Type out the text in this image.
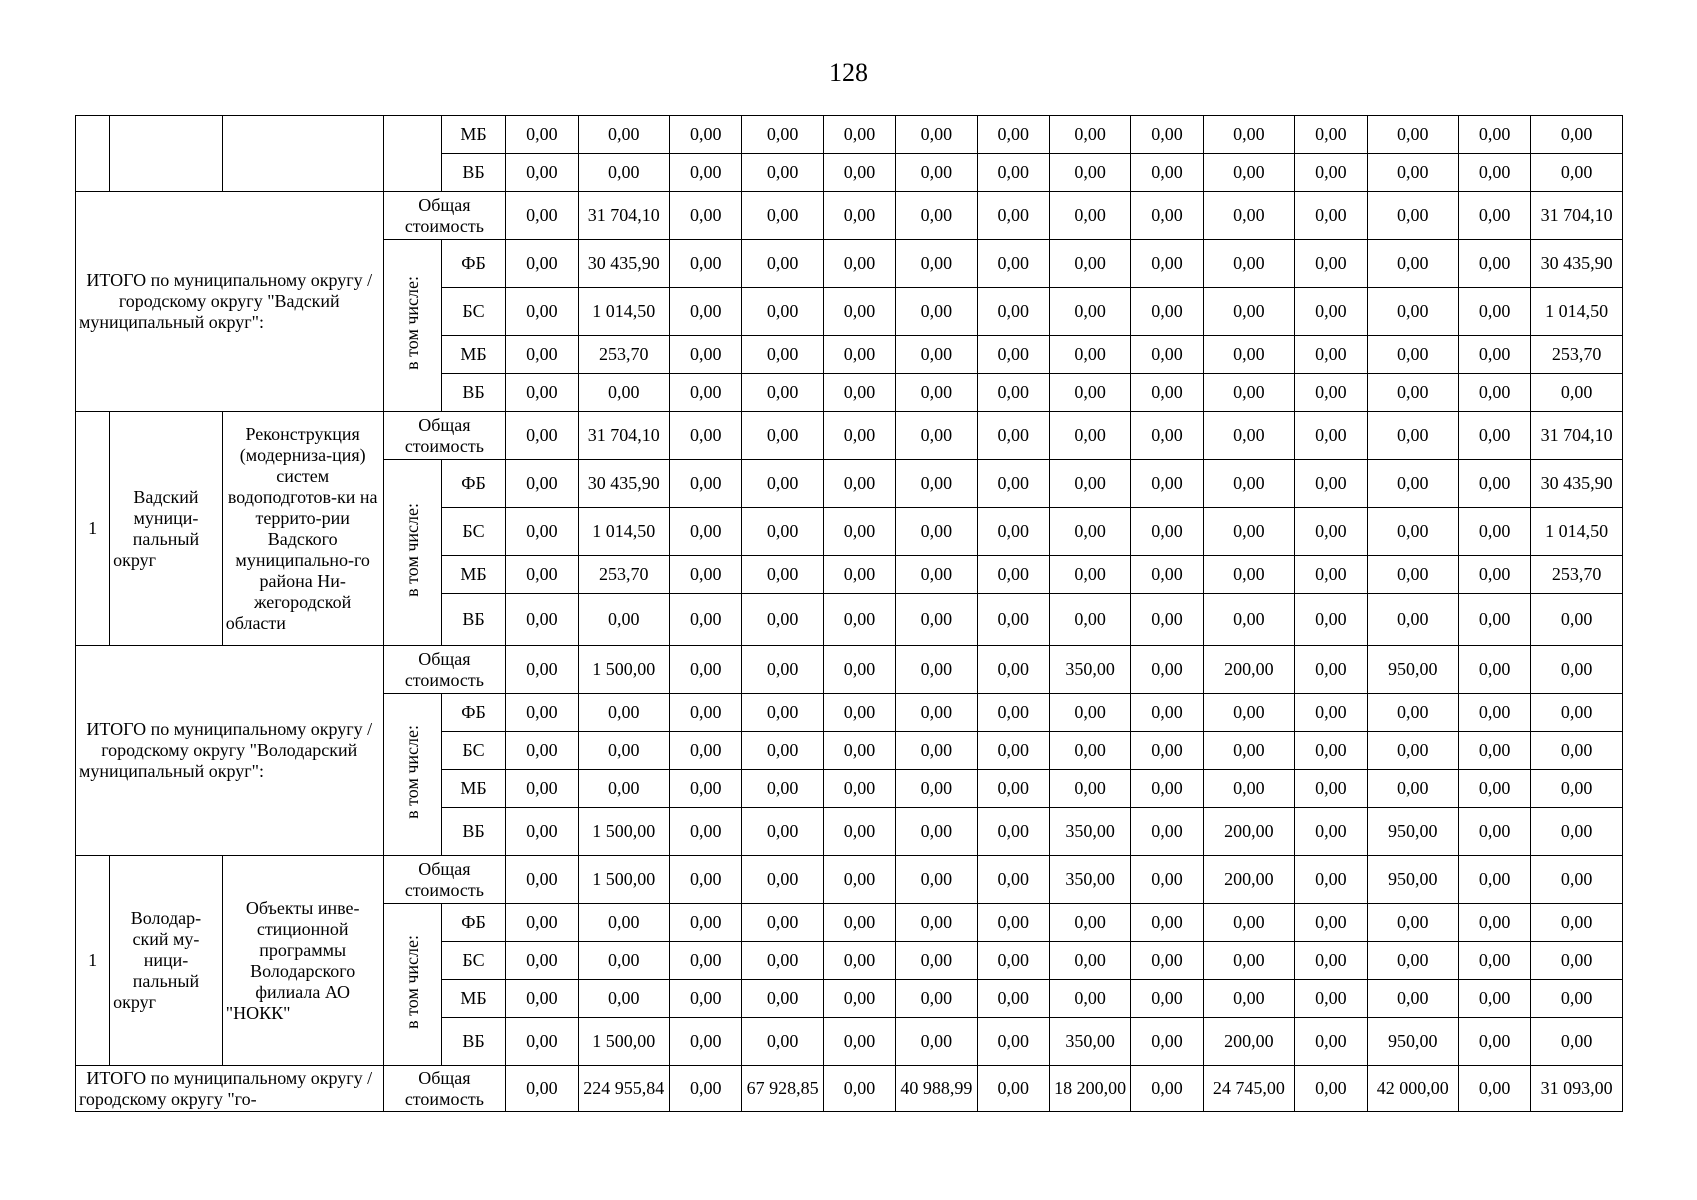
128
				МБ	0,00	0,00	0,00	0,00	0,00	0,00	0,00	0,00	0,00	0,00	0,00	0,00	0,00	0,00
				ВБ	0,00	0,00	0,00	0,00	0,00	0,00	0,00	0,00	0,00	0,00	0,00	0,00	0,00	0,00
ИТОГО по муниципальному округу / городскому округу "Вадский муниципальный округ":			Общая стоимость		0,00	31 704,10	0,00	0,00	0,00	0,00	0,00	0,00	0,00	0,00	0,00	0,00	0,00	31 704,10
			в том числе:	ФБ	0,00	30 435,90	0,00	0,00	0,00	0,00	0,00	0,00	0,00	0,00	0,00	0,00	0,00	30 435,90
				БС	0,00	1 014,50	0,00	0,00	0,00	0,00	0,00	0,00	0,00	0,00	0,00	0,00	0,00	1 014,50
				МБ	0,00	253,70	0,00	0,00	0,00	0,00	0,00	0,00	0,00	0,00	0,00	0,00	0,00	253,70
				ВБ	0,00	0,00	0,00	0,00	0,00	0,00	0,00	0,00	0,00	0,00	0,00	0,00	0,00	0,00
1	Вадский муници-пальный округ	Реконструкция (модерниза-ция) систем водоподготов-ки на террито-рии Вадского муниципально-го района Ни-жегородской области	Общая стоимость		0,00	31 704,10	0,00	0,00	0,00	0,00	0,00	0,00	0,00	0,00	0,00	0,00	0,00	31 704,10
			в том числе:	ФБ	0,00	30 435,90	0,00	0,00	0,00	0,00	0,00	0,00	0,00	0,00	0,00	0,00	0,00	30 435,90
				БС	0,00	1 014,50	0,00	0,00	0,00	0,00	0,00	0,00	0,00	0,00	0,00	0,00	0,00	1 014,50
				МБ	0,00	253,70	0,00	0,00	0,00	0,00	0,00	0,00	0,00	0,00	0,00	0,00	0,00	253,70
				ВБ	0,00	0,00	0,00	0,00	0,00	0,00	0,00	0,00	0,00	0,00	0,00	0,00	0,00	0,00
ИТОГО по муниципальному округу / городскому округу "Володарский муниципальный округ":			Общая стоимость		0,00	1 500,00	0,00	0,00	0,00	0,00	0,00	350,00	0,00	200,00	0,00	950,00	0,00	0,00
			в том числе:	ФБ	0,00	0,00	0,00	0,00	0,00	0,00	0,00	0,00	0,00	0,00	0,00	0,00	0,00	0,00
				БС	0,00	0,00	0,00	0,00	0,00	0,00	0,00	0,00	0,00	0,00	0,00	0,00	0,00	0,00
				МБ	0,00	0,00	0,00	0,00	0,00	0,00	0,00	0,00	0,00	0,00	0,00	0,00	0,00	0,00
				ВБ	0,00	1 500,00	0,00	0,00	0,00	0,00	0,00	350,00	0,00	200,00	0,00	950,00	0,00	0,00
1	Володар-ский му-ници-пальный округ	Объекты инве-стиционной программы Володарского филиала АО "НОКК"	Общая стоимость		0,00	1 500,00	0,00	0,00	0,00	0,00	0,00	350,00	0,00	200,00	0,00	950,00	0,00	0,00
			в том числе:	ФБ	0,00	0,00	0,00	0,00	0,00	0,00	0,00	0,00	0,00	0,00	0,00	0,00	0,00	0,00
				БС	0,00	0,00	0,00	0,00	0,00	0,00	0,00	0,00	0,00	0,00	0,00	0,00	0,00	0,00
				МБ	0,00	0,00	0,00	0,00	0,00	0,00	0,00	0,00	0,00	0,00	0,00	0,00	0,00	0,00
				ВБ	0,00	1 500,00	0,00	0,00	0,00	0,00	0,00	350,00	0,00	200,00	0,00	950,00	0,00	0,00
ИТОГО по муниципальному округу / городскому округу "го-			Общая стоимость		0,00	224 955,84	0,00	67 928,85	0,00	40 988,99	0,00	18 200,00	0,00	24 745,00	0,00	42 000,00	0,00	31 093,00
